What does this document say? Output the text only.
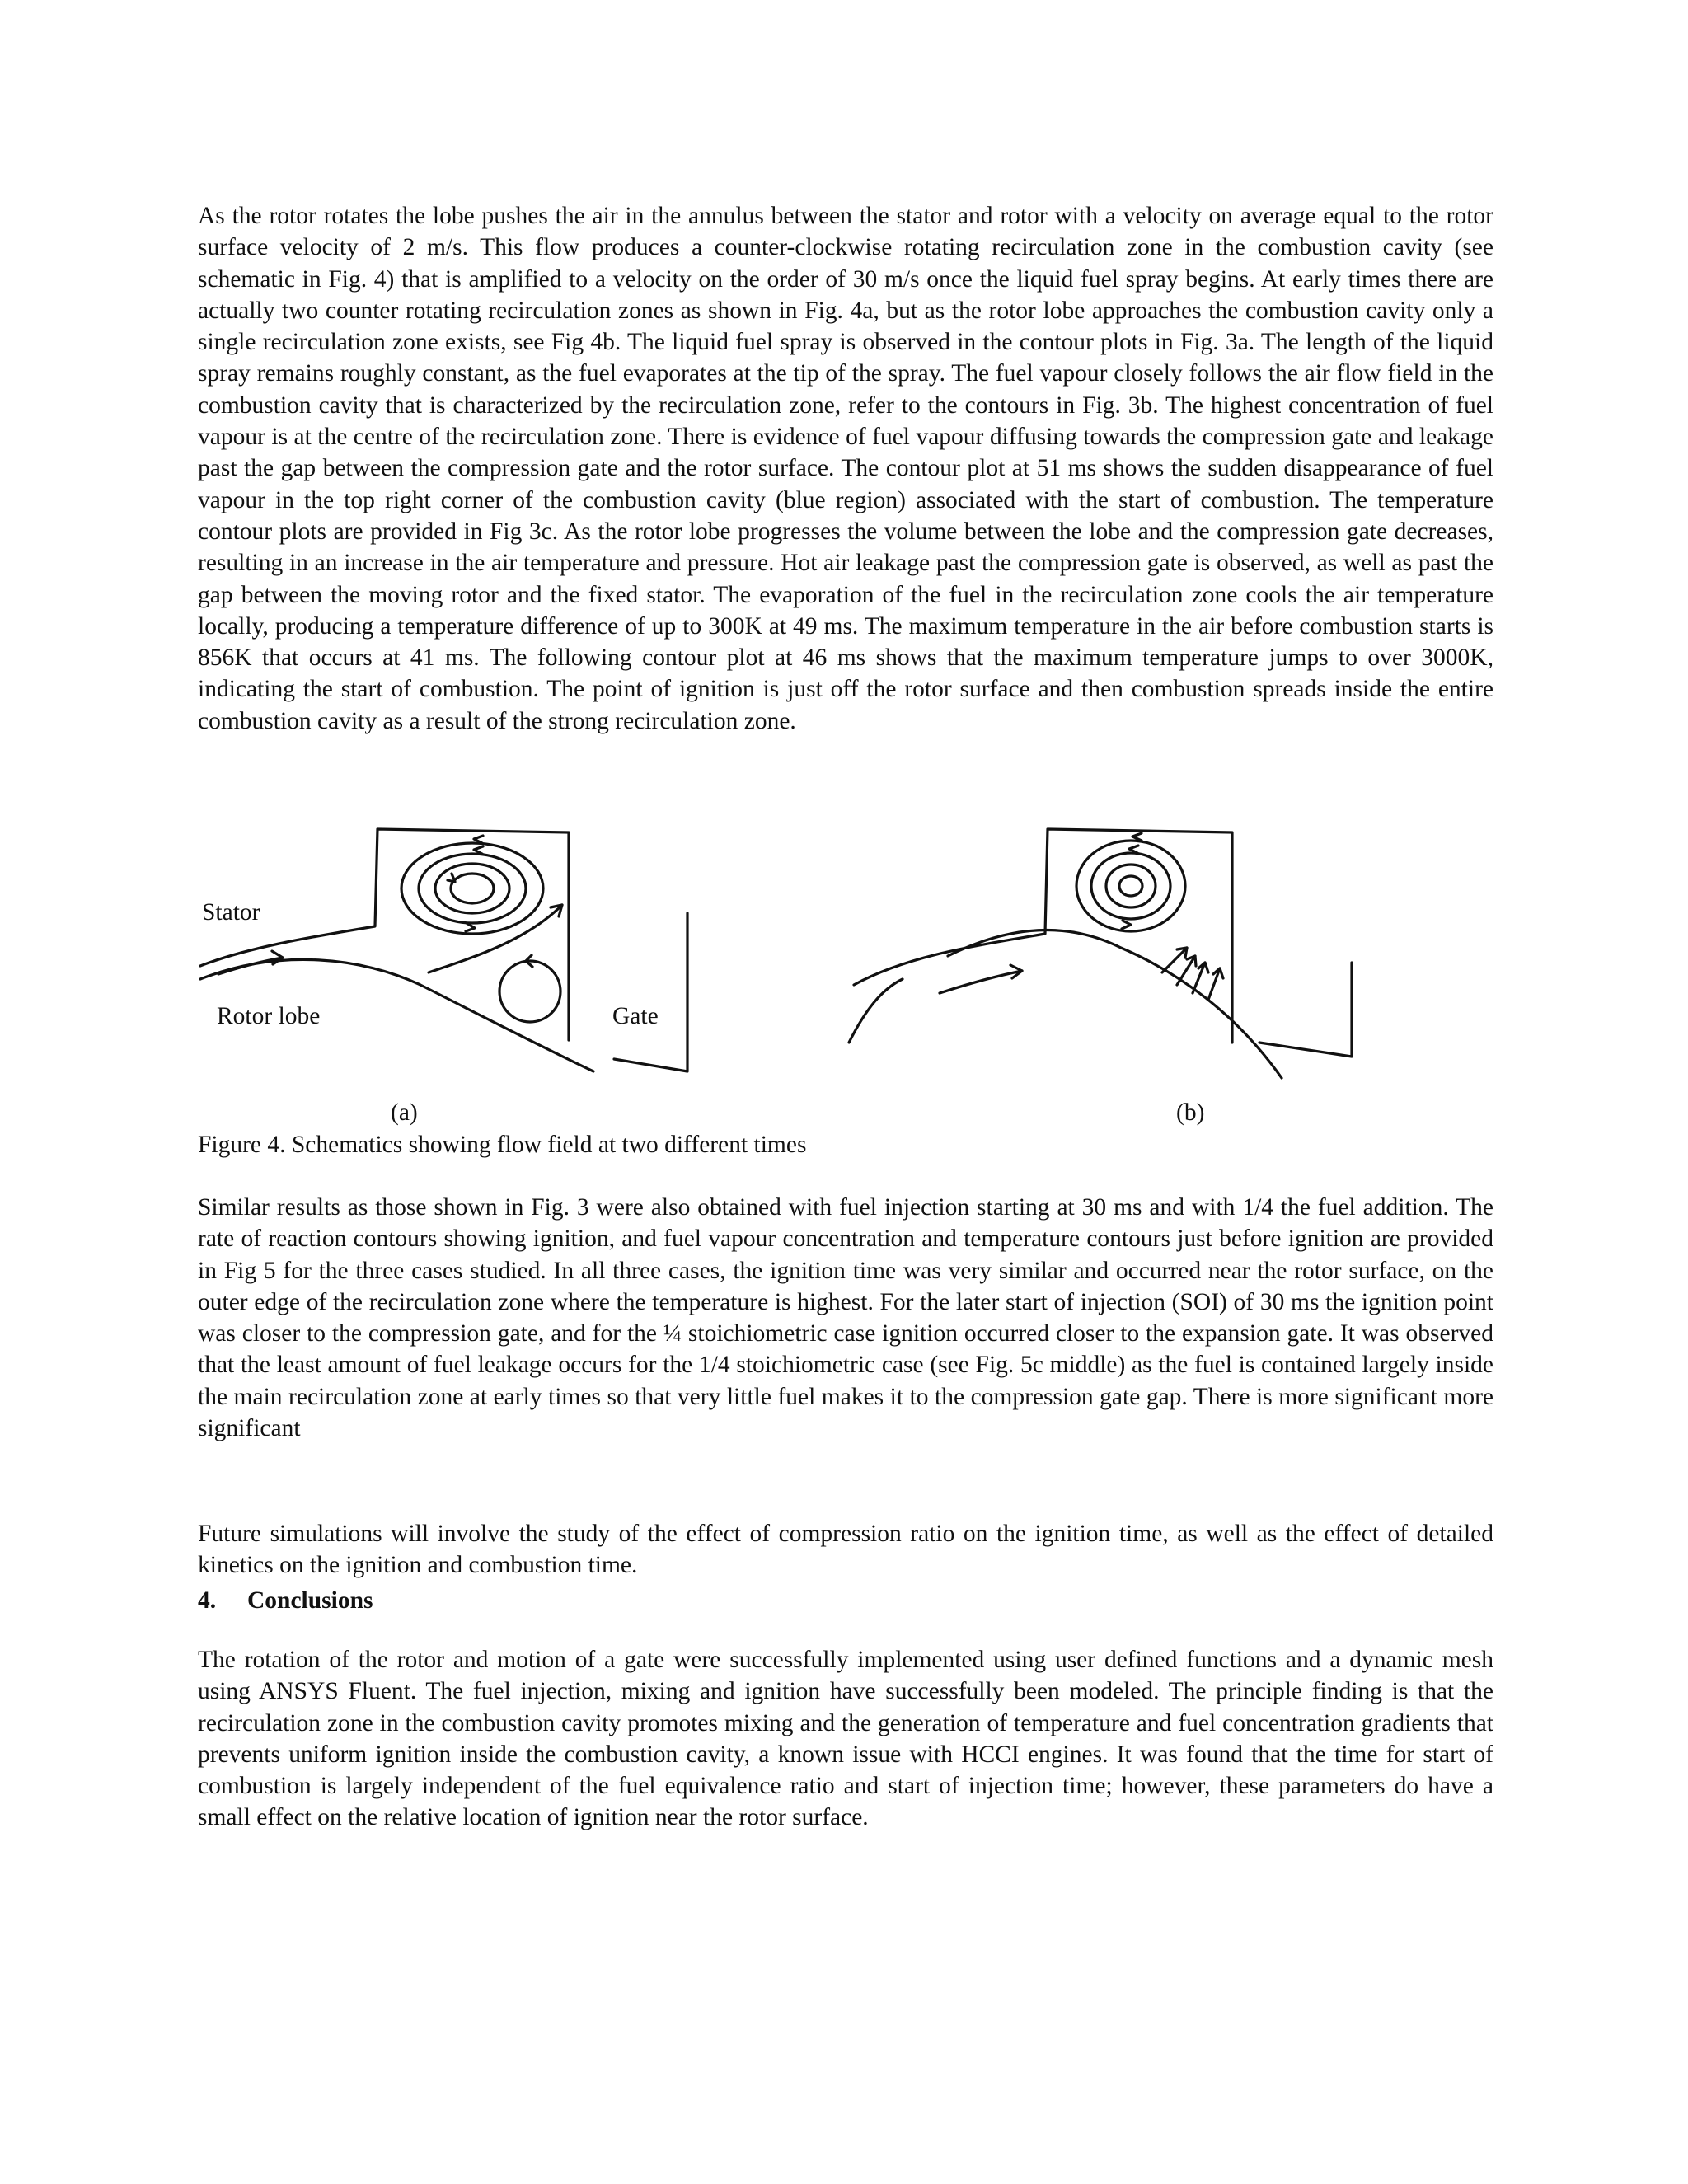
As the rotor rotates the lobe pushes the air in the annulus between the stator and rotor with a velocity on average equal to the rotor surface velocity of 2 m/s. This flow produces a counter-clockwise rotating recirculation zone in the combustion cavity (see schematic in Fig. 4) that is amplified to a velocity on the order of 30 m/s once the liquid fuel spray begins. At early times there are actually two counter rotating recirculation zones as shown in Fig. 4a, but as the rotor lobe approaches the combustion cavity only a single recirculation zone exists, see Fig 4b. The liquid fuel spray is observed in the contour plots in Fig. 3a. The length of the liquid spray remains roughly constant, as the fuel evaporates at the tip of the spray. The fuel vapour closely follows the air flow field in the combustion cavity that is characterized by the recirculation zone, refer to the contours in Fig. 3b. The highest concentration of fuel vapour is at the centre of the recirculation zone. There is evidence of fuel vapour diffusing towards the compression gate and leakage past the gap between the compression gate and the rotor surface. The contour plot at 51 ms shows the sudden disappearance of fuel vapour in the top right corner of the combustion cavity (blue region) associated with the start of combustion. The temperature contour plots are provided in Fig 3c. As the rotor lobe progresses the volume between the lobe and the compression gate decreases, resulting in an increase in the air temperature and pressure. Hot air leakage past the compression gate is observed, as well as past the gap between the moving rotor and the fixed stator. The evaporation of the fuel in the recirculation zone cools the air temperature locally, producing a temperature difference of up to 300K at 49 ms. The maximum temperature in the air before combustion starts is 856K that occurs at 41 ms. The following contour plot at 46 ms shows that the maximum temperature jumps to over 3000K, indicating the start of combustion. The point of ignition is just off the rotor surface and then combustion spreads inside the entire combustion cavity as a result of the strong recirculation zone.

Stator
Rotor lobe	Gate

(a)	(b)

Figure 4. Schematics showing flow field at two different times

Similar results as those shown in Fig. 3 were also obtained with fuel injection starting at 30 ms and with 1/4 the fuel addition. The rate of reaction contours showing ignition, and fuel vapour concentration and temperature contours just before ignition are provided in Fig 5 for the three cases studied. In all three cases, the ignition time was very similar and occurred near the rotor surface, on the outer edge of the recirculation zone where the temperature is highest. For the later start of injection (SOI) of 30 ms the ignition point was closer to the compression gate, and for the ¼ stoichiometric case ignition occurred closer to the expansion gate. It was observed that the least amount of fuel leakage occurs for the 1/4 stoichiometric case (see Fig. 5c middle) as the fuel is contained largely inside the main recirculation zone at early times so that very little fuel makes it to the compression gate gap. There is more significant more significant

Future simulations will involve the study of the effect of compression ratio on the ignition time, as well as the effect of detailed kinetics on the ignition and combustion time.

4. Conclusions

The rotation of the rotor and motion of a gate were successfully implemented using user defined functions and a dynamic mesh using ANSYS Fluent. The fuel injection, mixing and ignition have successfully been modeled. The principle finding is that the recirculation zone in the combustion cavity promotes mixing and the generation of temperature and fuel concentration gradients that prevents uniform ignition inside the combustion cavity, a known issue with HCCI engines. It was found that the time for start of combustion is largely independent of the fuel equivalence ratio and start of injection time; however, these parameters do have a small effect on the relative location of ignition near the rotor surface.
